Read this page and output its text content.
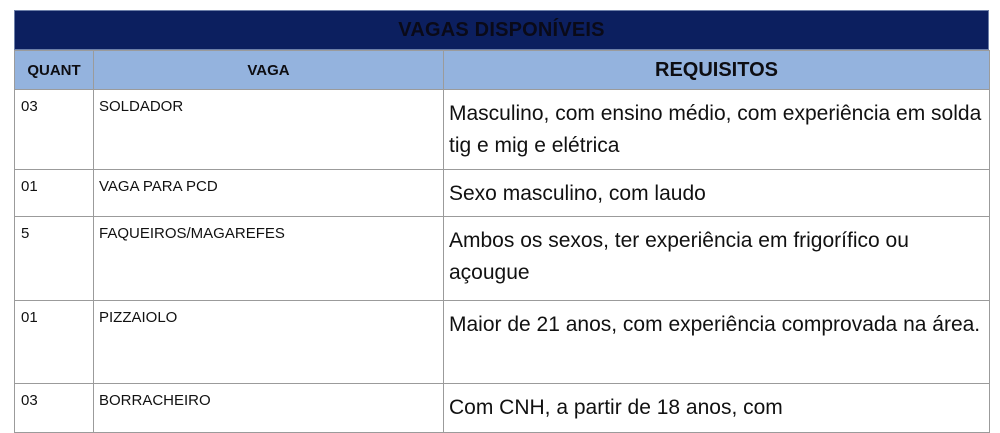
VAGAS DISPONÍVEIS
QUANT	VAGA	REQUISITOS
03	SOLDADOR	Masculino, com ensino médio, com experiência em solda tig e mig e elétrica
01	VAGA PARA PCD	Sexo masculino, com laudo
5	FAQUEIROS/MAGAREFES	Ambos os sexos, ter experiência em frigorífico ou açougue
01	PIZZAIOLO	Maior de 21 anos, com experiência comprovada na área.
03	BORRACHEIRO	Com CNH, a partir de 18 anos, com
